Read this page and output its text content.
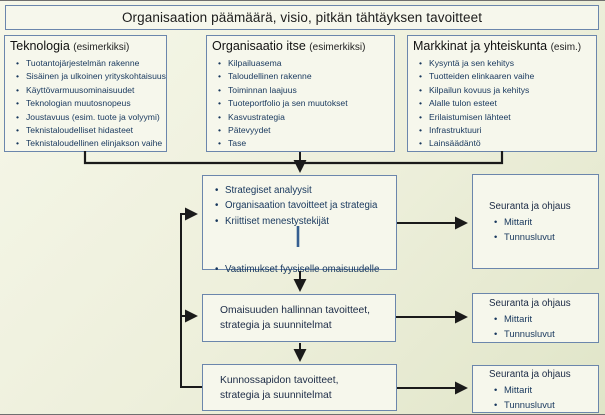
Organisaation päämäärä, visio, pitkän tähtäyksen tavoitteet
Teknologia (esimerkiksi)
• Tuotantojärjestelmän rakenne
• Sisäinen ja ulkoinen yrityskohtaisuus
• Käyttövarmuusominaisuudet
• Teknologian muutosnopeus
• Joustavuus (esim. tuote ja volyymi)
• Teknistaloudelliset hidasteet
• Teknistaloudellinen elinjakson vaihe
Organisaatio itse (esimerkiksi)
• Kilpailuasema
• Taloudellinen rakenne
• Toiminnan laajuus
• Tuoteportfolio ja sen muutokset
• Kasvustrategia
• Pätevyydet
• Tase
Markkinat ja yhteiskunta (esim.)
• Kysyntä ja sen kehitys
• Tuotteiden elinkaaren vaihe
• Kilpailun kovuus ja kehitys
• Alalle tulon esteet
• Erilaistumisen lähteet
• Infrastruktuuri
• Lainsäädäntö
• Strategiset analyysit
• Organisaation tavoitteet ja strategia
• Kriittiset menestystekijät
• Vaatimukset fyysiselle omaisuudelle
Omaisuuden hallinnan tavoitteet,
strategia ja suunnitelmat
Kunnossapidon tavoitteet,
strategia ja suunnitelmat
Seuranta ja ohjaus
• Mittarit
• Tunnusluvut
Seuranta ja ohjaus
• Mittarit
• Tunnusluvut
Seuranta ja ohjaus
• Mittarit
• Tunnusluvut
